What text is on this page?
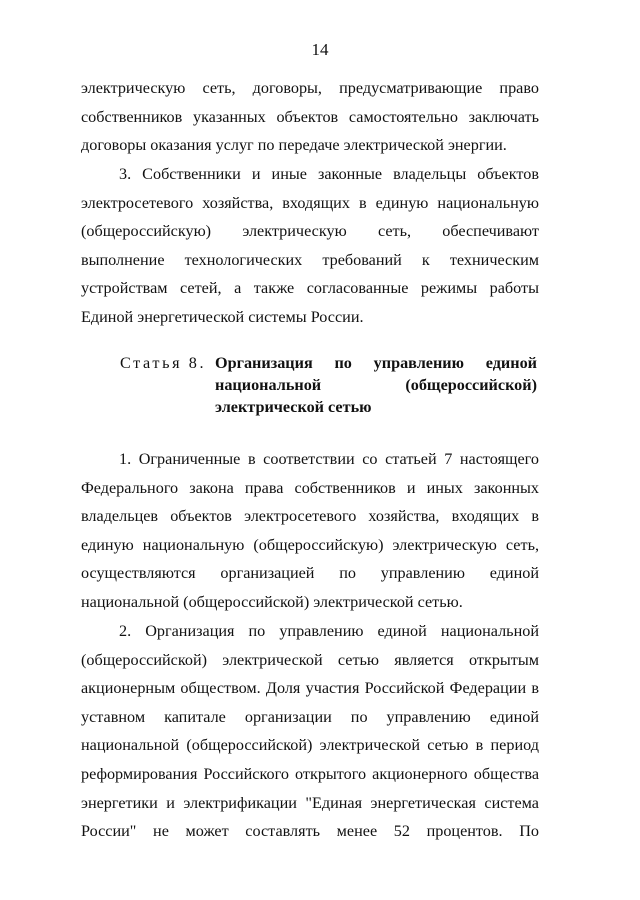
14
электрическую сеть, договоры, предусматривающие право
собственников указанных объектов самостоятельно заключать
договоры оказания услуг по передаче электрической энергии.
3. Собственники и иные законные владельцы объектов
электросетевого хозяйства, входящих в единую национальную
(общероссийскую) электрическую сеть, обеспечивают
выполнение технологических требований к техническим
устройствам сетей, а также согласованные режимы работы
Единой энергетической системы России.
Статья 8. Организация по управлению единой
национальной (общероссийской)
электрической сетью
1. Ограниченные в соответствии со статьей 7 настоящего
Федерального закона права собственников и иных законных
владельцев объектов электросетевого хозяйства, входящих в
единую национальную (общероссийскую) электрическую сеть,
осуществляются организацией по управлению единой
национальной (общероссийской) электрической сетью.
2. Организация по управлению единой национальной
(общероссийской) электрической сетью является открытым
акционерным обществом. Доля участия Российской Федерации в
уставном капитале организации по управлению единой
национальной (общероссийской) электрической сетью в период
реформирования Российского открытого акционерного общества
энергетики и электрификации "Единая энергетическая система
России" не может составлять менее 52 процентов. По
